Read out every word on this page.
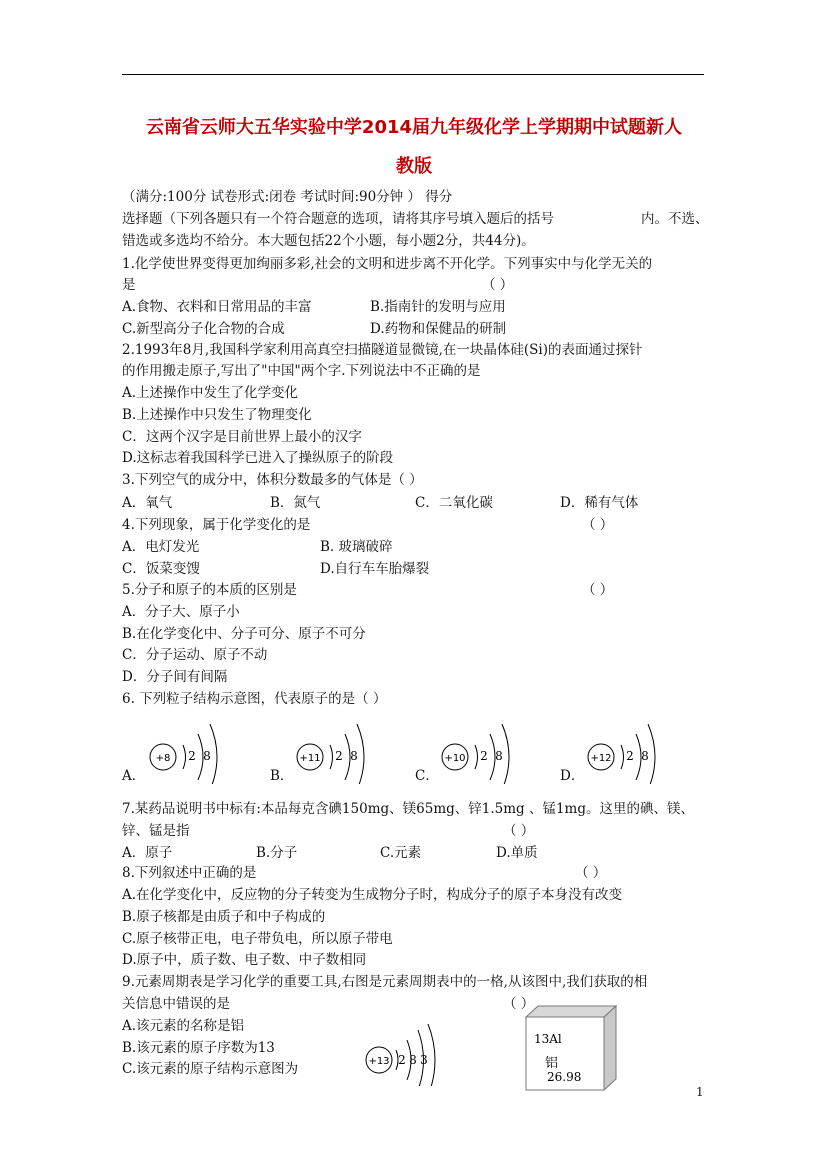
云南省云师大五华实验中学2014届九年级化学上学期期中试题新人
教版
（满分:100分 试卷形式:闭卷 考试时间:90分钟 ） 得分
选择题（下列各题只有一个符合题意的选项，请将其序号填入题后的括号	内。不选、
错选或多选均不给分。本大题包括22个小题，每小题2分，共44分)。
1.化学使世界变得更加绚丽多彩,社会的文明和进步离不开化学。下列事实中与化学无关的
是	（ ）
A.食物、衣料和日常用品的丰富	B.指南针的发明与应用
C.新型高分子化合物的合成	D.药物和保健品的研制
2.1993年8月,我国科学家利用高真空扫描隧道显微镜,在一块晶体硅(Si)的表面通过探针
的作用搬走原子,写出了"中国"两个字.下列说法中不正确的是
A.上述操作中发生了化学变化
B.上述操作中只发生了物理变化
C．这两个汉字是目前世界上最小的汉字
D.这标志着我国科学已进入了操纵原子的阶段
3.下列空气的成分中，体积分数最多的气体是（ ）
A．氧气	B．氮气	C．二氧化碳	D．稀有气体
4.下列现象，属于化学变化的是	（ ）
A．电灯发光	B. 玻璃破碎
C．饭菜变馊	D.自行车车胎爆裂
5.分子和原子的本质的区别是	（ ）
A．分子大、原子小
B.在化学变化中、分子可分、原子不可分
C．分子运动、原子不动
D．分子间有间隔
6. 下列粒子结构示意图，代表原子的是（ ）
A．
+8 2 8
B．
+11 2 8
C．
+10 2 8
D．
+12 2 8
7.某药品说明书中标有:本品每克含碘150mg、镁65mg、锌1.5mg 、锰1mg。这里的碘、镁、
锌、锰是指	（ ）
A．原子	B.分子	C.元素	D.单质
8.下列叙述中正确的是	（ ）
A.在化学变化中，反应物的分子转变为生成物分子时，构成分子的原子本身没有改变
B.原子核都是由质子和中子构成的
C.原子核带正电，电子带负电，所以原子带电
D.原子中，质子数、电子数、中子数相同
9.元素周期表是学习化学的重要工具,右图是元素周期表中的一格,从该图中,我们获取的相
关信息中错误的是	（ ）
A.该元素的名称是铝
B.该元素的原子序数为13
C.该元素的原子结构示意图为	+13 2 8 3
13Al
铝
26.98
1
